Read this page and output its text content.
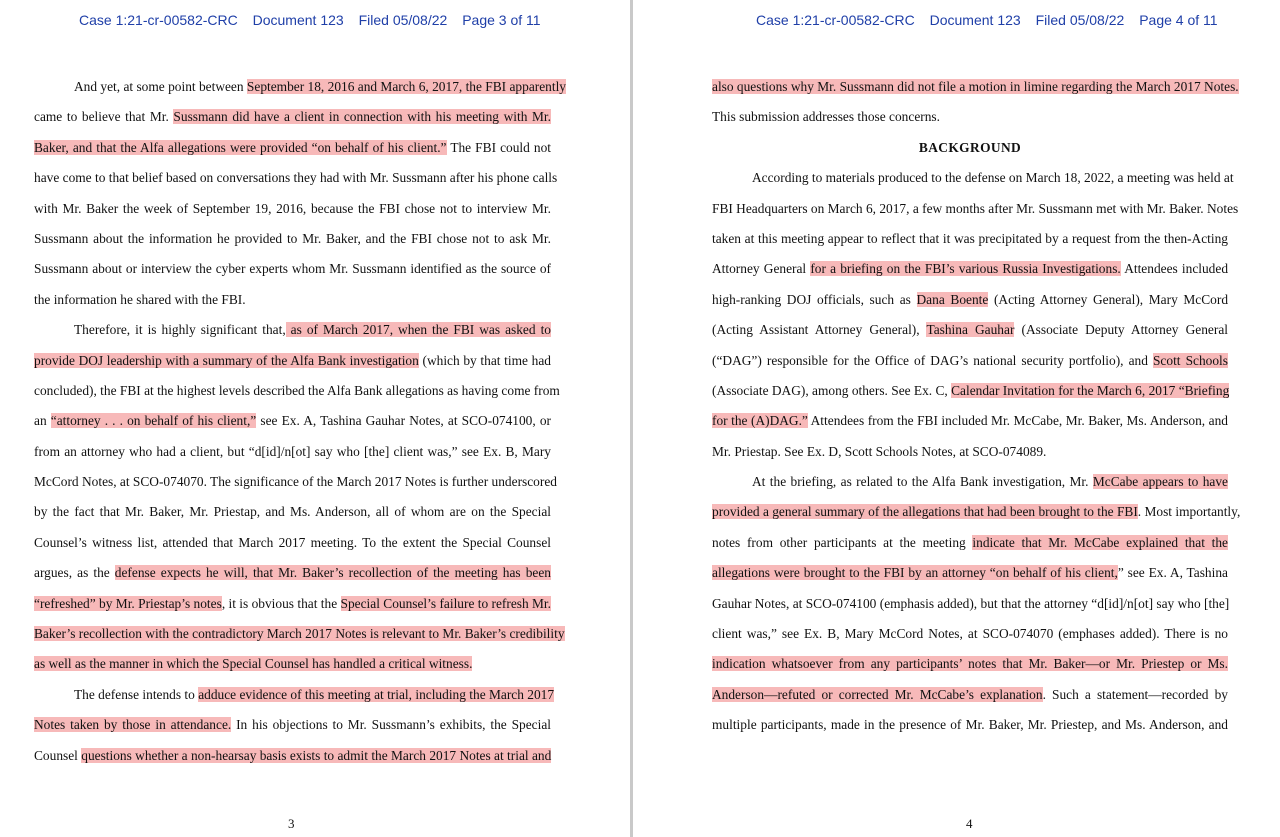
Case 1:21-cr-00582-CRC Document 123 Filed 05/08/22 Page 3 of 11
And yet, at some point between September 18, 2016 and March 6, 2017, the FBI apparently
came to believe that Mr. Sussmann did have a client in connection with his meeting with Mr.
Baker, and that the Alfa allegations were provided “on behalf of his client.” The FBI could not
have come to that belief based on conversations they had with Mr. Sussmann after his phone calls
with Mr. Baker the week of September 19, 2016, because the FBI chose not to interview Mr.
Sussmann about the information he provided to Mr. Baker, and the FBI chose not to ask Mr.
Sussmann about or interview the cyber experts whom Mr. Sussmann identified as the source of
the information he shared with the FBI.
Therefore, it is highly significant that, as of March 2017, when the FBI was asked to
provide DOJ leadership with a summary of the Alfa Bank investigation (which by that time had
concluded), the FBI at the highest levels described the Alfa Bank allegations as having come from
an “attorney . . . on behalf of his client,” see Ex. A, Tashina Gauhar Notes, at SCO-074100, or
from an attorney who had a client, but “d[id]/n[ot] say who [the] client was,” see Ex. B, Mary
McCord Notes, at SCO-074070. The significance of the March 2017 Notes is further underscored
by the fact that Mr. Baker, Mr. Priestap, and Ms. Anderson, all of whom are on the Special
Counsel’s witness list, attended that March 2017 meeting. To the extent the Special Counsel
argues, as the defense expects he will, that Mr. Baker’s recollection of the meeting has been
“refreshed” by Mr. Priestap’s notes, it is obvious that the Special Counsel’s failure to refresh Mr.
Baker’s recollection with the contradictory March 2017 Notes is relevant to Mr. Baker’s credibility
as well as the manner in which the Special Counsel has handled a critical witness.
The defense intends to adduce evidence of this meeting at trial, including the March 2017
Notes taken by those in attendance. In his objections to Mr. Sussmann’s exhibits, the Special
Counsel questions whether a non-hearsay basis exists to admit the March 2017 Notes at trial and
3
Case 1:21-cr-00582-CRC Document 123 Filed 05/08/22 Page 4 of 11
also questions why Mr. Sussmann did not file a motion in limine regarding the March 2017 Notes.
This submission addresses those concerns.
BACKGROUND
According to materials produced to the defense on March 18, 2022, a meeting was held at
FBI Headquarters on March 6, 2017, a few months after Mr. Sussmann met with Mr. Baker. Notes
taken at this meeting appear to reflect that it was precipitated by a request from the then-Acting
Attorney General for a briefing on the FBI’s various Russia Investigations. Attendees included
high-ranking DOJ officials, such as Dana Boente (Acting Attorney General), Mary McCord
(Acting Assistant Attorney General), Tashina Gauhar (Associate Deputy Attorney General
(“DAG”) responsible for the Office of DAG’s national security portfolio), and Scott Schools
(Associate DAG), among others. See Ex. C, Calendar Invitation for the March 6, 2017 “Briefing
for the (A)DAG.” Attendees from the FBI included Mr. McCabe, Mr. Baker, Ms. Anderson, and
Mr. Priestap. See Ex. D, Scott Schools Notes, at SCO-074089.
At the briefing, as related to the Alfa Bank investigation, Mr. McCabe appears to have
provided a general summary of the allegations that had been brought to the FBI. Most importantly,
notes from other participants at the meeting indicate that Mr. McCabe explained that the
allegations were brought to the FBI by an attorney “on behalf of his client,” see Ex. A, Tashina
Gauhar Notes, at SCO-074100 (emphasis added), but that the attorney “d[id]/n[ot] say who [the]
client was,” see Ex. B, Mary McCord Notes, at SCO-074070 (emphases added). There is no
indication whatsoever from any participants’ notes that Mr. Baker—or Mr. Priestep or Ms.
Anderson—refuted or corrected Mr. McCabe’s explanation. Such a statement—recorded by
multiple participants, made in the presence of Mr. Baker, Mr. Priestep, and Ms. Anderson, and
4
